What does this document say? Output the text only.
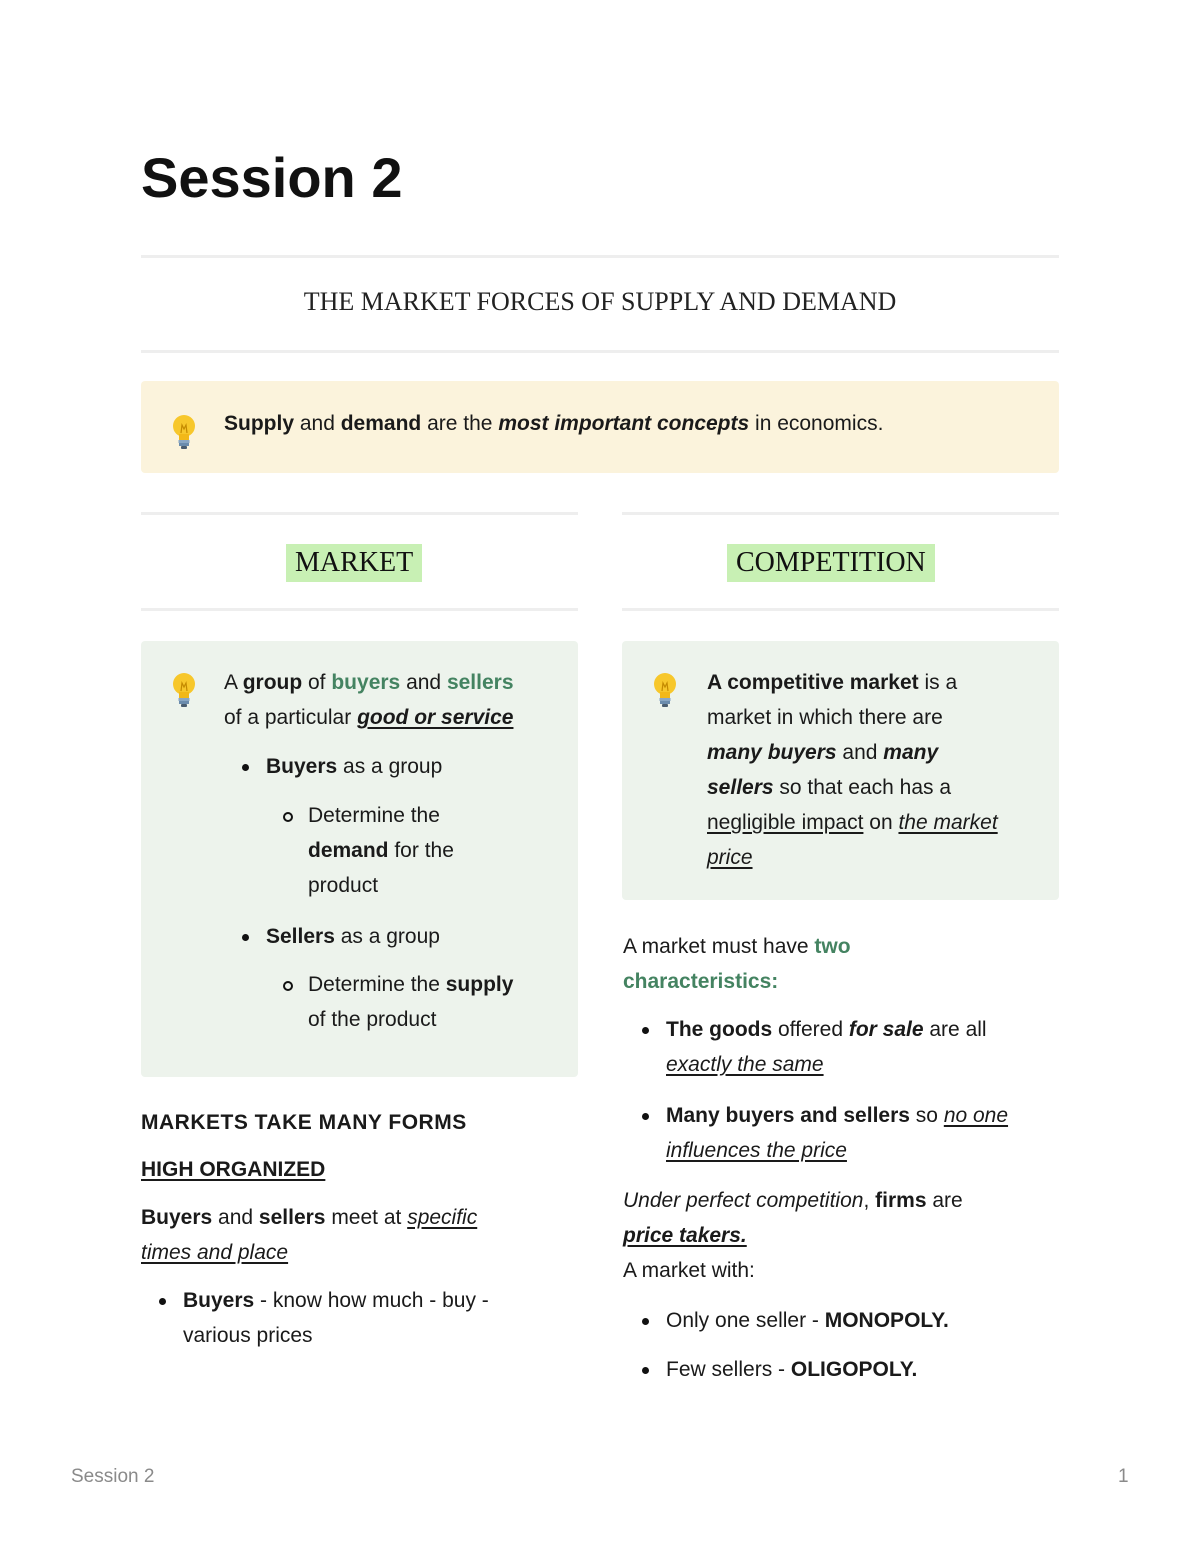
Session 2

THE MARKET FORCES OF SUPPLY AND DEMAND

Supply and demand are the most important concepts in economics.
MARKET	COMPETITION
A group of buyers and sellers
of a particular good or service
Buyers as a group
Determine the
demand for the
product
Sellers as a group
Determine the supply
of the product
MARKETS TAKE MANY FORMS
HIGH ORGANIZED
Buyers and sellers meet at specific
times and place
Buyers - know how much - buy -
various prices
A competitive market is a
market in which there are
many buyers and many
sellers so that each has a
negligible impact on the market
price
A market must have two
characteristics:
The goods offered for sale are all
exactly the same
Many buyers and sellers so no one
influences the price
Under perfect competition, firms are
price takers.
A market with:
Only one seller - MONOPOLY.
Few sellers - OLIGOPOLY.
Session 2	1
